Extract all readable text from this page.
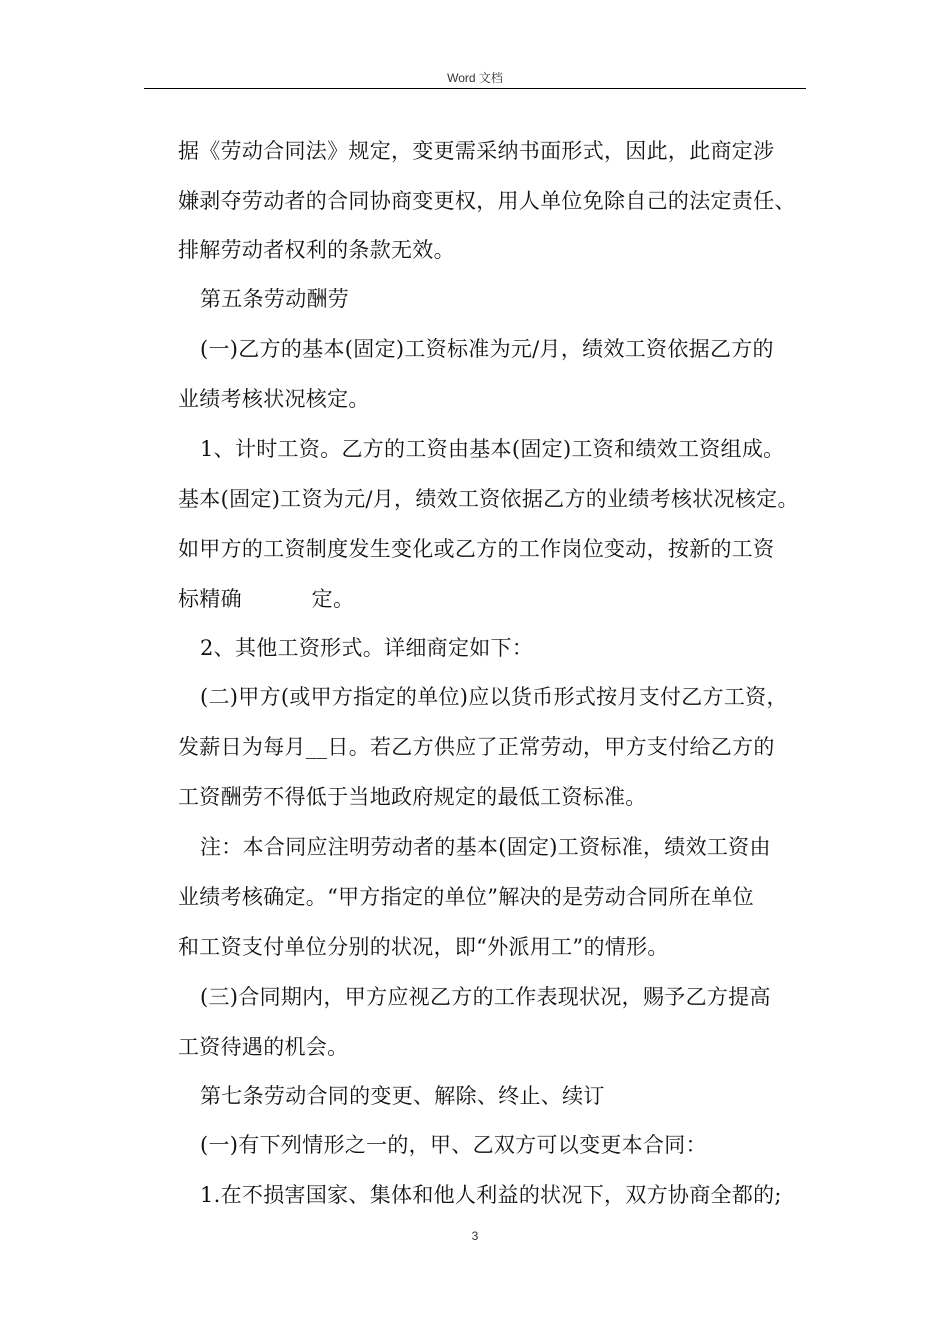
Word 文档
据《劳动合同法》规定，变更需采纳书面形式，因此，此商定涉
嫌剥夺劳动者的合同协商变更权，用人单位免除自己的法定责任、
排解劳动者权利的条款无效。
第五条劳动酬劳
(一)乙方的基本(固定)工资标准为元/月，绩效工资依据乙方的
业绩考核状况核定。
1、计时工资。乙方的工资由基本(固定)工资和绩效工资组成。
基本(固定)工资为元/月，绩效工资依据乙方的业绩考核状况核定。
如甲方的工资制度发生变化或乙方的工作岗位变动，按新的工资
标精确          定。
2、其他工资形式。详细商定如下：
(二)甲方(或甲方指定的单位)应以货币形式按月支付乙方工资，
发薪日为每月__日。若乙方供应了正常劳动，甲方支付给乙方的
工资酬劳不得低于当地政府规定的最低工资标准。
注：本合同应注明劳动者的基本(固定)工资标准，绩效工资由
业绩考核确定。“甲方指定的单位”解决的是劳动合同所在单位
和工资支付单位分别的状况，即“外派用工”的情形。
(三)合同期内，甲方应视乙方的工作表现状况，赐予乙方提高
工资待遇的机会。
第七条劳动合同的变更、解除、终止、续订
(一)有下列情形之一的，甲、乙双方可以变更本合同：
1.在不损害国家、集体和他人利益的状况下，双方协商全都的;
3
